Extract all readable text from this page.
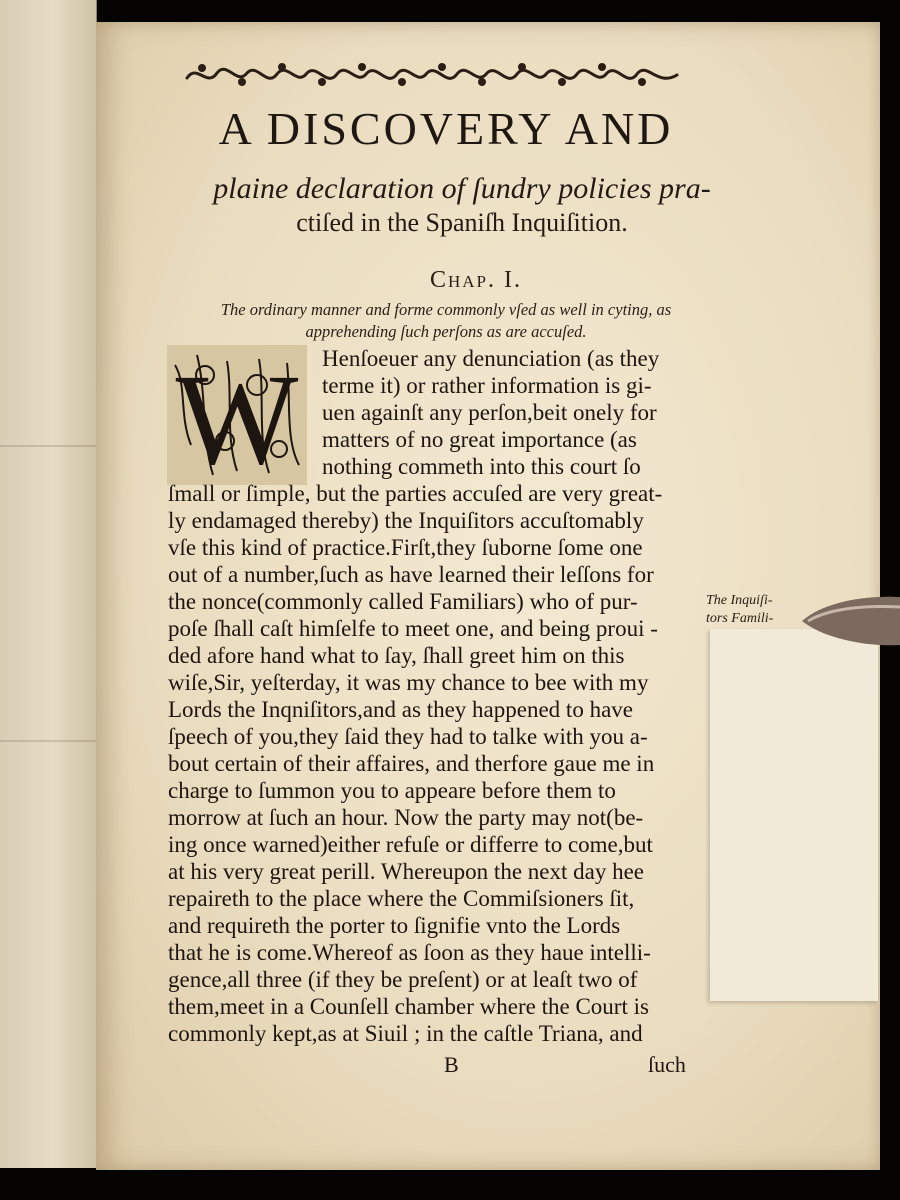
A DISCOVERY AND

plaine declaration of ſundry policies pra-

ctiſed in the Spaniſh Inquiſition.

Chap. I.

The ordinary manner and forme commonly vſed as well in cyting, as
apprehending ſuch perſons as are accuſed.

W Henſoeuer any denunciation (as they

terme it) or rather information is gi-

uen againſt any perſon,beit onely for

matters of no great importance (as

nothing commeth into this court ſo

ſmall or ſimple, but the parties accuſed are very great-

ly endamaged thereby) the Inquiſitors accuſtomably

vſe this kind of practice.Firſt,they ſuborne ſome one

out of a number,ſuch as have learned their leſſons for

the nonce(commonly called Familiars) who of pur-

poſe ſhall caſt himſelfe to meet one, and being proui -

ded afore hand what to ſay, ſhall greet him on this

wiſe,Sir, yeſterday, it was my chance to bee with my

Lords the Inqniſitors,and as they happened to have

ſpeech of you,they ſaid they had to talke with you a-

bout certain of their affaires, and therfore gaue me in

charge to ſummon you to appeare before them to

morrow at ſuch an hour. Now the party may not(be-

ing once warned)either refuſe or differre to come,but

at his very great perill. Whereupon the next day hee

repaireth to the place where the Commiſsioners ſit,

and requireth the porter to ſignifie vnto the Lords

that he is come.Whereof as ſoon as they haue intelli-

gence,all three (if they be preſent) or at leaſt two of

them,meet in a Counſell chamber where the Court is

commonly kept,as at Siuil ; in the caſtle Triana, and

B	ſuch
The Inquiſi-
tors Famili-
